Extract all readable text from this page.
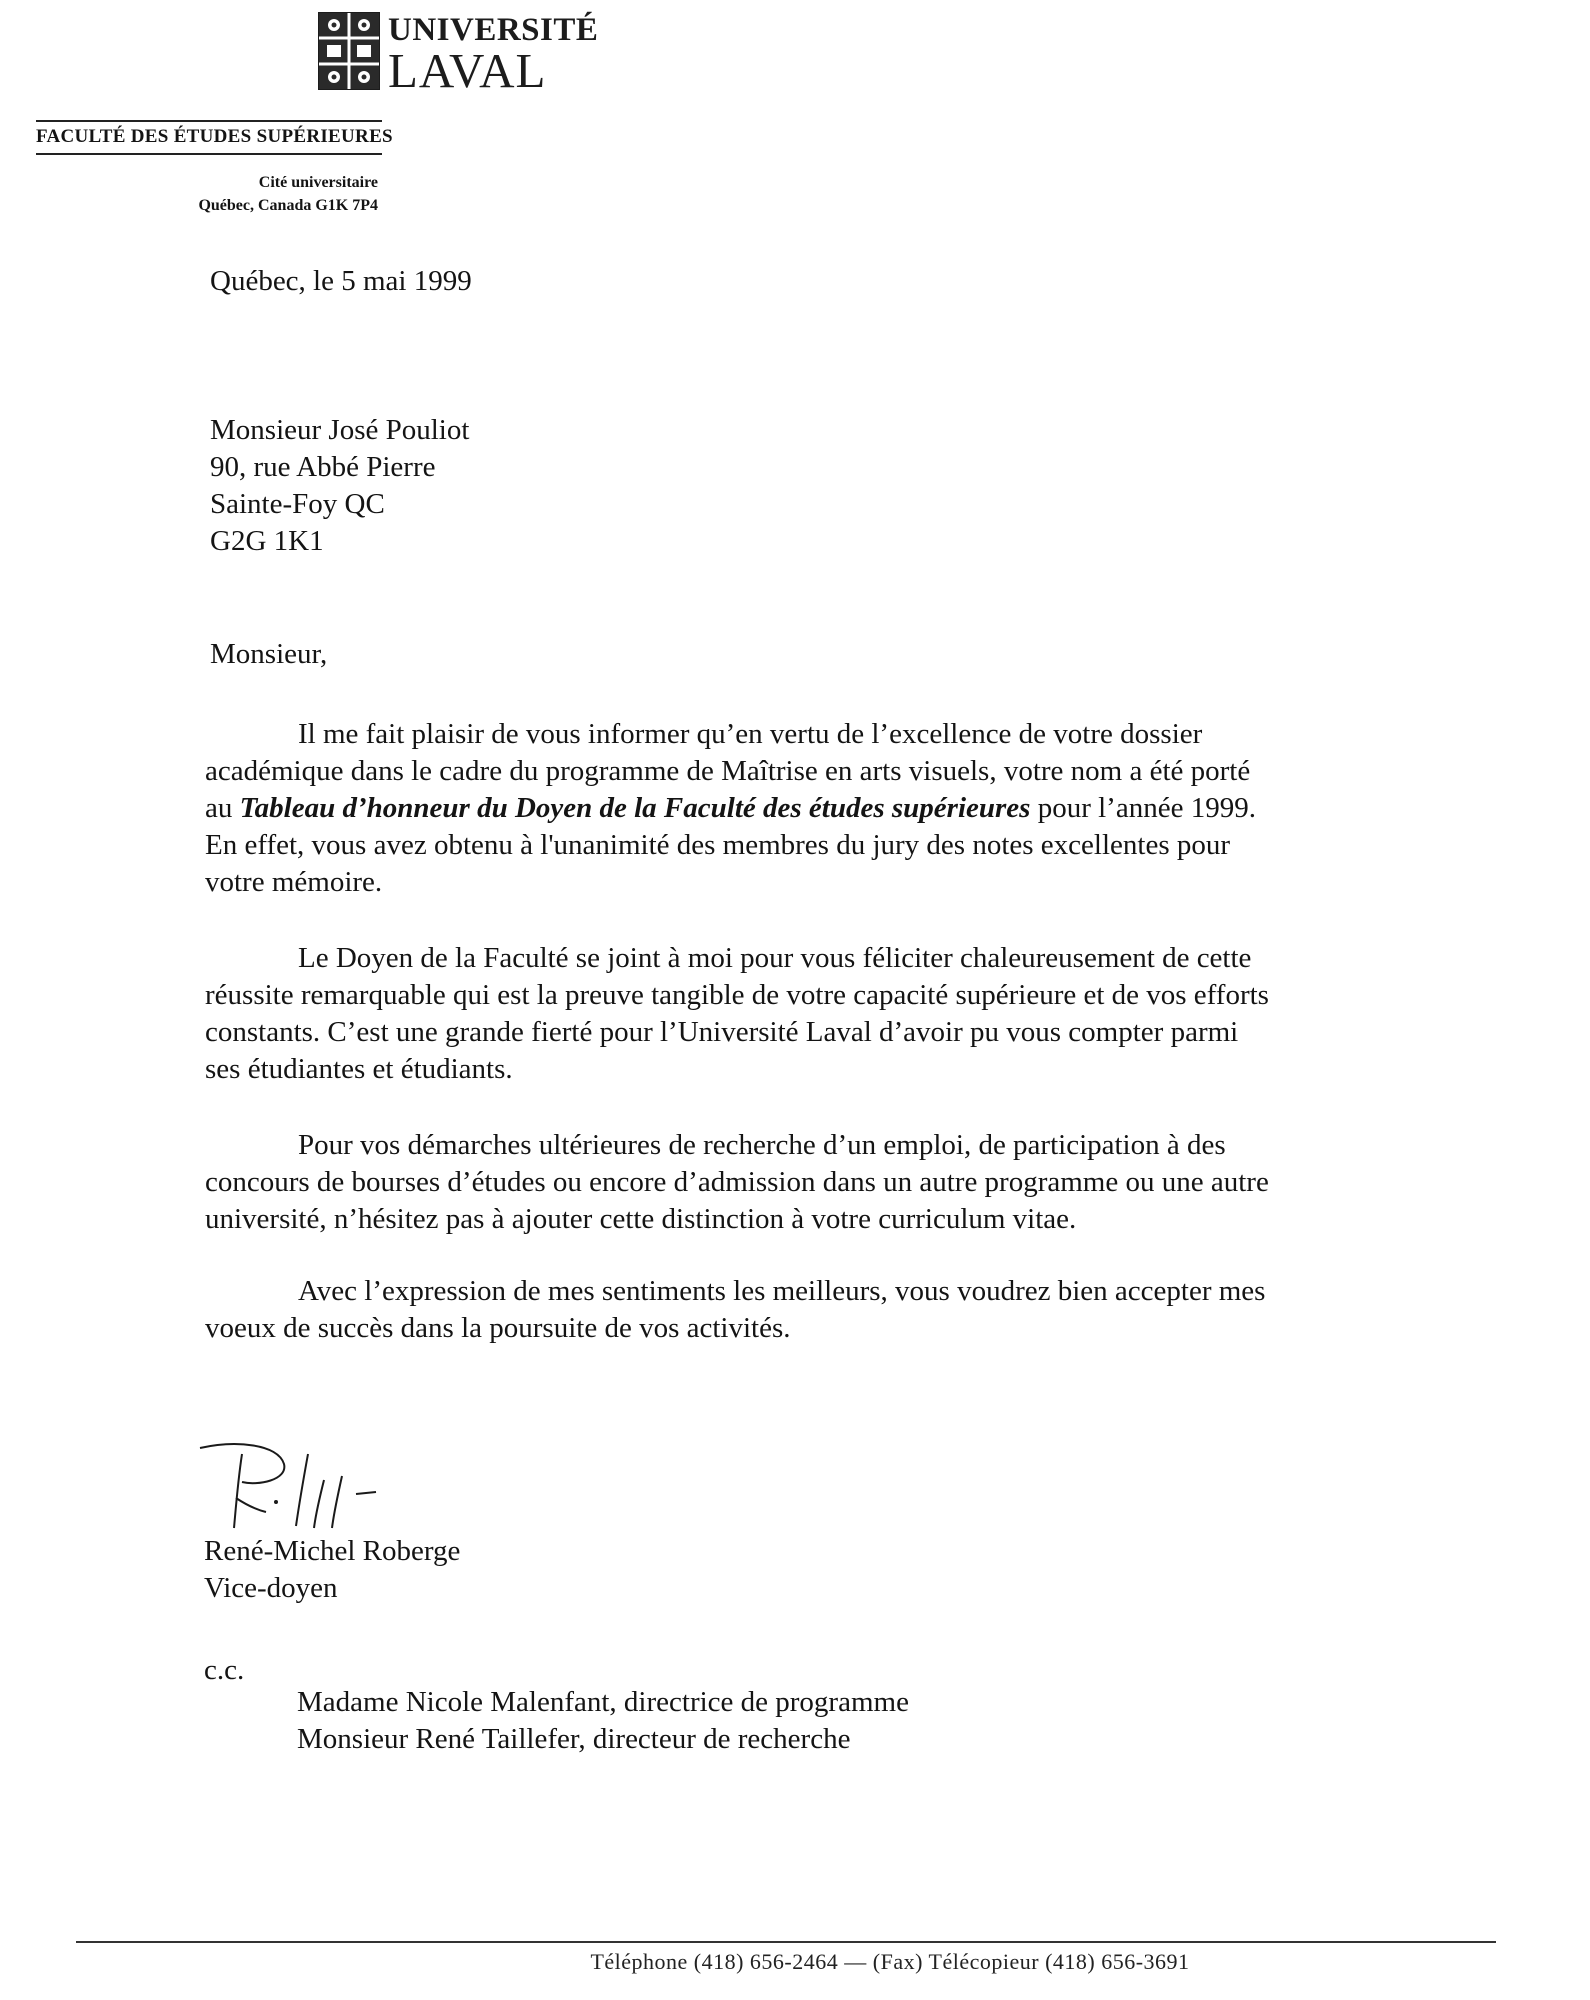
UNIVERSITÉ
LAVAL
FACULTÉ DES ÉTUDES SUPÉRIEURES
Cité universitaire
Québec, Canada G1K 7P4
Québec, le 5 mai 1999
Monsieur José Pouliot
90, rue Abbé Pierre
Sainte-Foy QC
G2G 1K1
Monsieur,
Il me fait plaisir de vous informer qu’en vertu de l’excellence de votre dossier
académique dans le cadre du programme de Maîtrise en arts visuels, votre nom a été porté
au Tableau d’honneur du Doyen de la Faculté des études supérieures pour l’année 1999.
En effet, vous avez obtenu à l'unanimité des membres du jury des notes excellentes pour
votre mémoire.
Le Doyen de la Faculté se joint à moi pour vous féliciter chaleureusement de cette
réussite remarquable qui est la preuve tangible de votre capacité supérieure et de vos efforts
constants. C’est une grande fierté pour l’Université Laval d’avoir pu vous compter parmi
ses étudiantes et étudiants.
Pour vos démarches ultérieures de recherche d’un emploi, de participation à des
concours de bourses d’études ou encore d’admission dans un autre programme ou une autre
université, n’hésitez pas à ajouter cette distinction à votre curriculum vitae.
Avec l’expression de mes sentiments les meilleurs, vous voudrez bien accepter mes
voeux de succès dans la poursuite de vos activités.
René-Michel Roberge
Vice-doyen
c.c.
Madame Nicole Malenfant, directrice de programme
Monsieur René Taillefer, directeur de recherche
Téléphone (418) 656-2464 — (Fax) Télécopieur (418) 656-3691
